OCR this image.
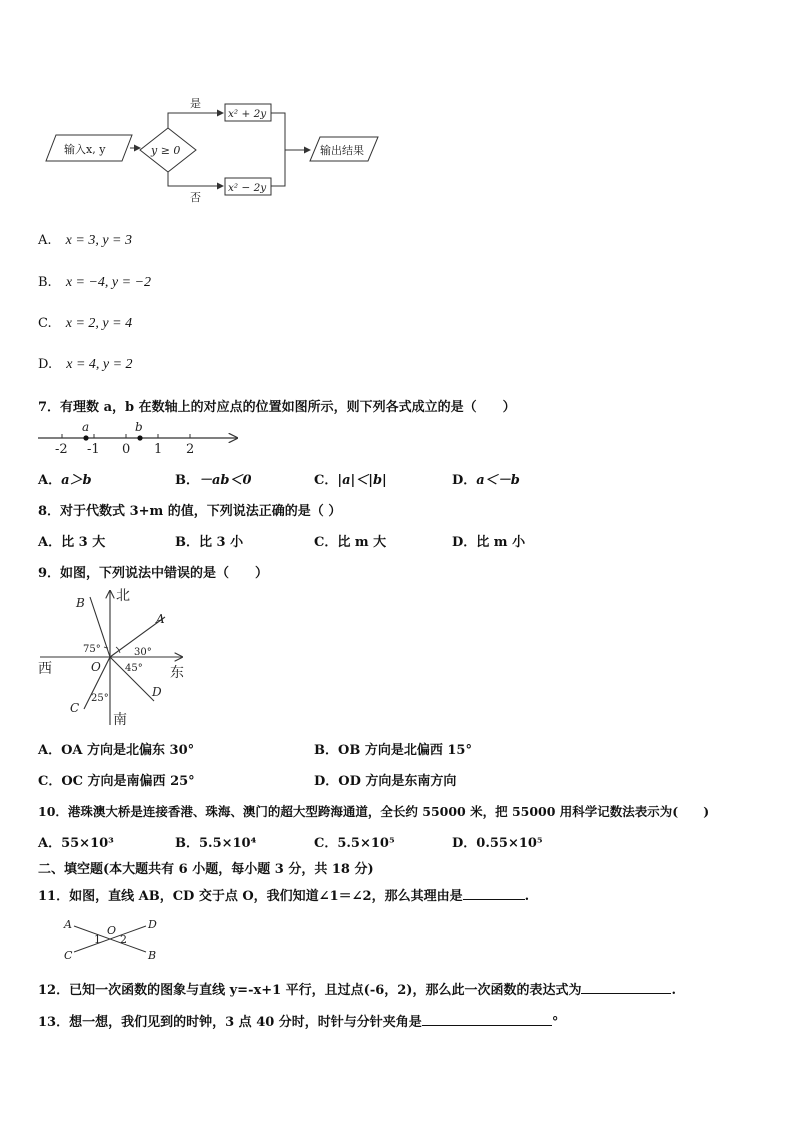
输入x, y	y ≥ 0
是
否
x² + 2y
x² − 2y
输出结果
A. x = 3, y = 3
B. x = −4, y = −2
C. x = 2, y = 4
D. x = 4, y = 2
7．有理数 a，b 在数轴上的对应点的位置如图所示，则下列各式成立的是（　　）
-2 -1 0 1 2
a	b
A．a＞b	B．－ab＜0	C．|a|＜|b|	D．a＜－b
8．对于代数式 3+m 的值，下列说法正确的是（ ）
A．比 3 大	B．比 3 小	C．比 m 大	D．比 m 小
9．如图，下列说法中错误的是（　　）
北
南
东
西	O
A
B
C
D
75°	30°
45°
25°
A．OA 方向是北偏东 30°	B．OB 方向是北偏西 15°
C．OC 方向是南偏西 25°	D．OD 方向是东南方向
10．港珠澳大桥是连接香港、珠海、澳门的超大型跨海通道，全长约 55000 米，把 55000 用科学记数法表示为(　　)
A．55×10³	B．5.5×10⁴	C．5.5×10⁵	D．0.55×10⁵
二、填空题(本大题共有 6 小题，每小题 3 分，共 18 分)
11．如图，直线 AB，CD 交于点 O，我们知道∠1＝∠2，那么其理由是	.
A
B
C
D
O
1 2
12．已知一次函数的图象与直线 y=-x+1 平行，且过点(-6，2)，那么此一次函数的表达式为	.
13．想一想，我们见到的时钟，3 点 40 分时，时针与分针夹角是	°
